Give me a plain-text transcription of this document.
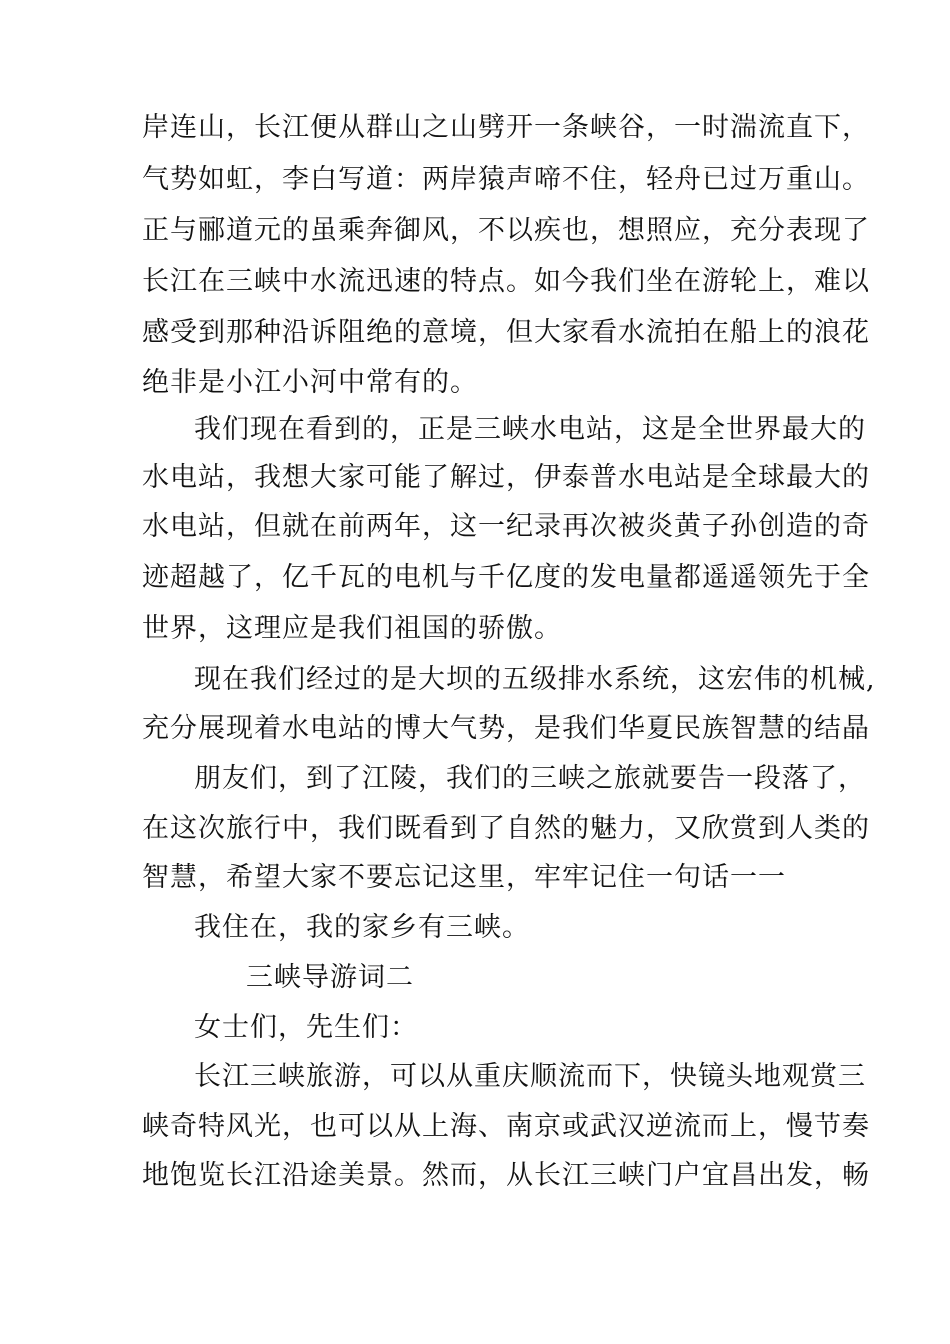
岸连山，长江便从群山之山劈开一条峡谷，一时湍流直下，
气势如虹，李白写道：两岸猿声啼不住，轻舟已过万重山。
正与郦道元的虽乘奔御风，不以疾也，想照应，充分表现了
长江在三峡中水流迅速的特点。如今我们坐在游轮上，难以
感受到那种沿诉阻绝的意境，但大家看水流拍在船上的浪花
绝非是小江小河中常有的。
我们现在看到的，正是三峡水电站，这是全世界最大的
水电站，我想大家可能了解过，伊泰普水电站是全球最大的
水电站，但就在前两年，这一纪录再次被炎黄子孙创造的奇
迹超越了，亿千瓦的电机与千亿度的发电量都遥遥领先于全
世界，这理应是我们祖国的骄傲。
现在我们经过的是大坝的五级排水系统，这宏伟的机械,
充分展现着水电站的博大气势，是我们华夏民族智慧的结晶
朋友们，到了江陵，我们的三峡之旅就要告一段落了，
在这次旅行中，我们既看到了自然的魅力，又欣赏到人类的
智慧，希望大家不要忘记这里，牢牢记住一句话一一
我住在，我的家乡有三峡。
三峡导游词二
女士们，先生们：
长江三峡旅游，可以从重庆顺流而下，快镜头地观赏三
峡奇特风光，也可以从上海、南京或武汉逆流而上，慢节奏
地饱览长江沿途美景。然而，从长江三峡门户宜昌出发，畅
